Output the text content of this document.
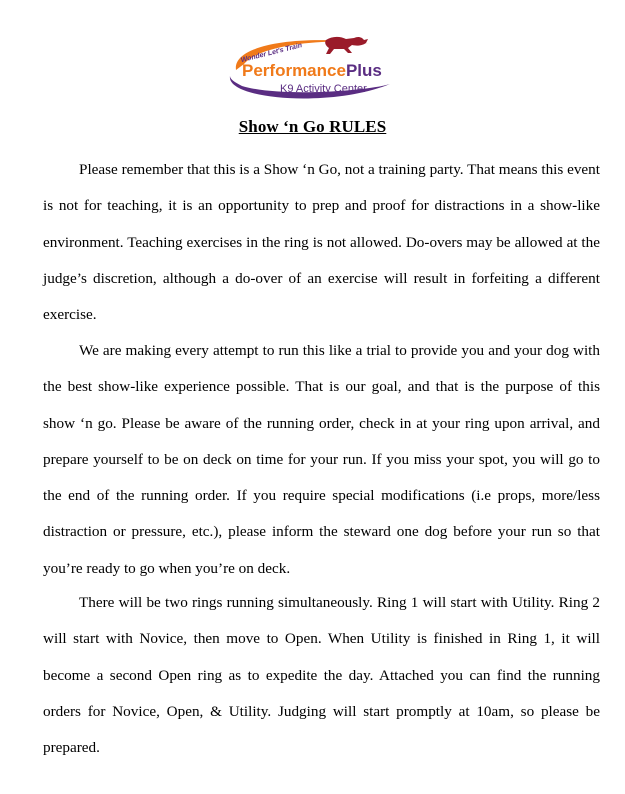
Wonder Let's Train
PerformancePlus
K9 Activity Center
Show ‘n Go RULES

Please remember that this is a Show ‘n Go, not a training party. That means this event is not for teaching, it is an opportunity to prep and proof for distractions in a show-like environment. Teaching exercises in the ring is not allowed. Do-overs may be allowed at the judge’s discretion, although a do-over of an exercise will result in forfeiting a different exercise.

We are making every attempt to run this like a trial to provide you and your dog with the best show-like experience possible. That is our goal, and that is the purpose of this show ‘n go. Please be aware of the running order, check in at your ring upon arrival, and prepare yourself to be on deck on time for your run. If you miss your spot, you will go to the end of the running order. If you require special modifications (i.e props, more/less distraction or pressure, etc.), please inform the steward one dog before your run so that you’re ready to go when you’re on deck.

There will be two rings running simultaneously. Ring 1 will start with Utility. Ring 2 will start with Novice, then move to Open. When Utility is finished in Ring 1, it will become a second Open ring as to expedite the day. Attached you can find the running orders for Novice, Open, & Utility. Judging will start promptly at 10am, so please be prepared.
